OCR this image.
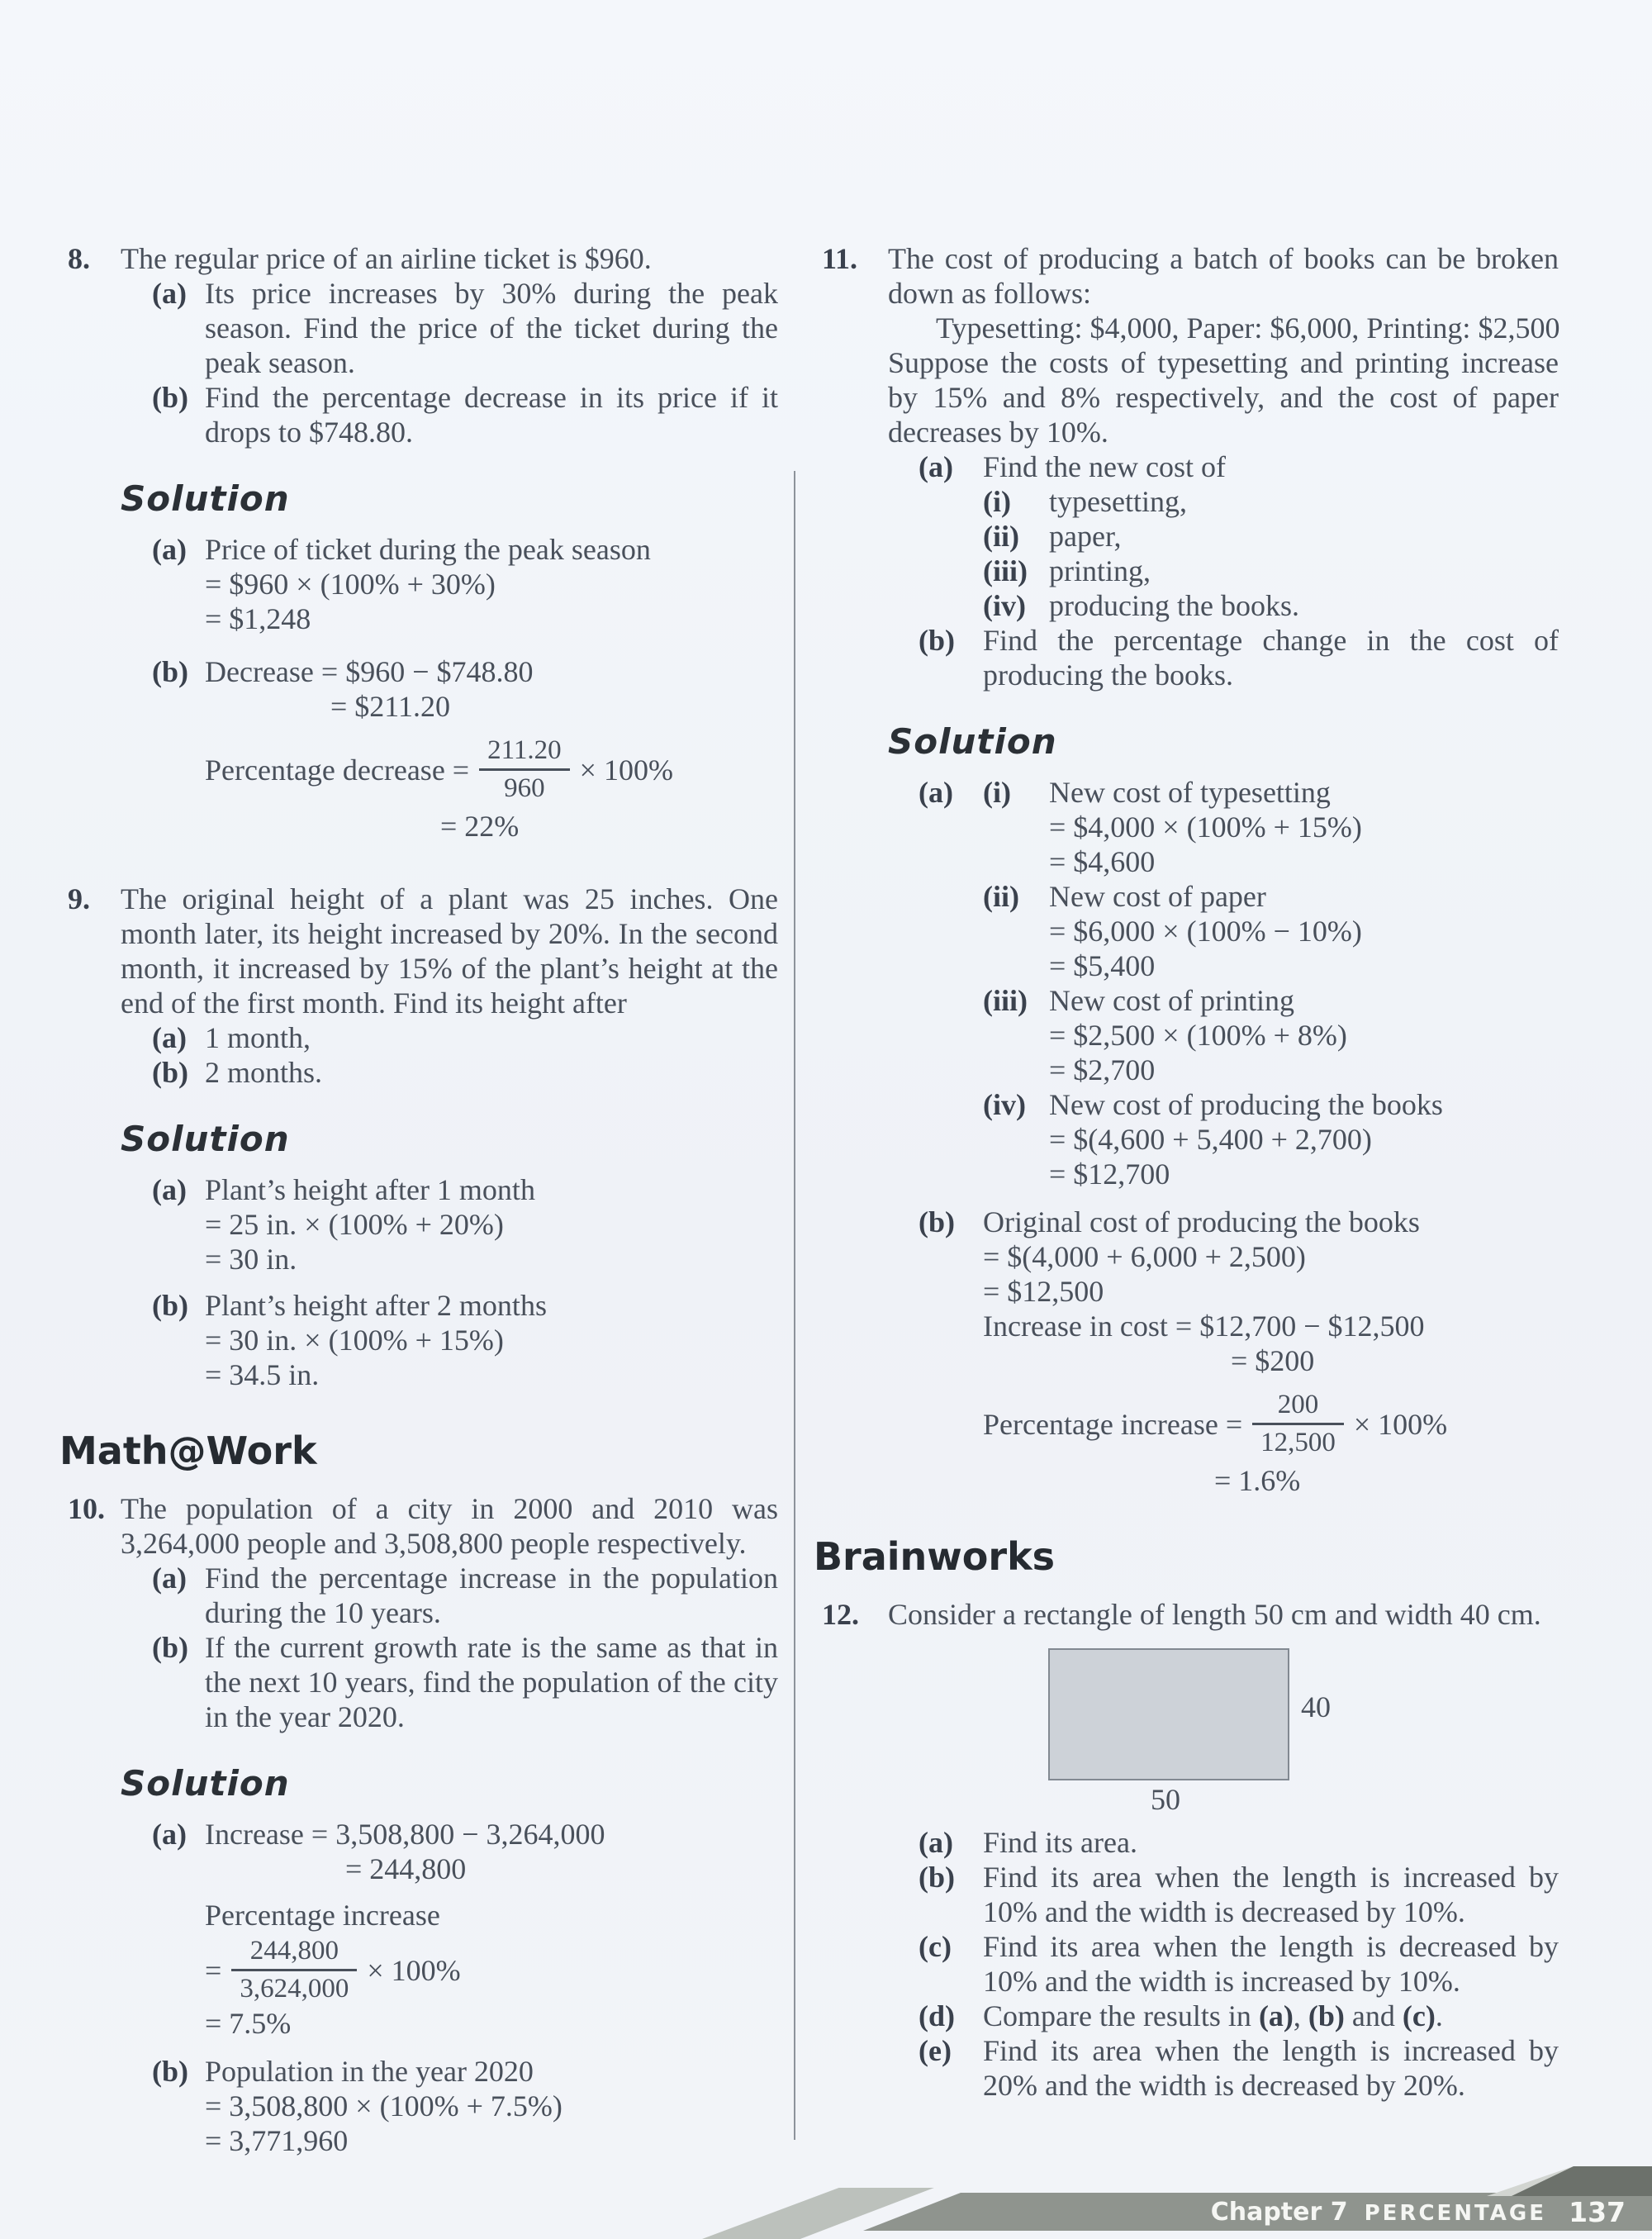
8.	The regular price of an airline ticket is $960.
(a) Its price increases by 30% during the peak season. Find the price of the ticket during the peak season.
(b) Find the percentage decrease in its price if it drops to $748.80.
Solution
(a) Price of ticket during the peak season
= $960 × (100% + 30%)
= $1,248
(b) Decrease = $960 − $748.80
= $211.20
Percentage decrease = $\frac{211.20}{960} \times 100\%$
= 22%
9.	The original height of a plant was 25 inches. One month later, its height increased by 20%. In the second month, it increased by 15% of the plant’s height at the end of the first month. Find its height after
(a) 1 month,
(b) 2 months.
Solution
(a) Plant’s height after 1 month
= 25 in. × (100% + 20%)
= 30 in.
(b) Plant’s height after 2 months
= 30 in. × (100% + 15%)
= 34.5 in.
Math@Work
10. The population of a city in 2000 and 2010 was 3,264,000 people and 3,508,800 people respectively.
(a) Find the percentage increase in the population during the 10 years.
(b) If the current growth rate is the same as that in the next 10 years, find the population of the city in the year 2020.
Solution
(a) Increase = 3,508,800 − 3,264,000
= 244,800
Percentage increase
= $\frac{244,800}{3,624,000} \times 100\%$
= 7.5%
(b) Population in the year 2020
= 3,508,800 × (100% + 7.5%)
= 3,771,960
11.	The cost of producing a batch of books can be broken down as follows:
Typesetting: $4,000, Paper: $6,000, Printing: $2,500
Suppose the costs of typesetting and printing increase by 15% and 8% respectively, and the cost of paper decreases by 10%.
(a)	Find the new cost of
(i)	typesetting,
(ii)	paper,
(iii) printing,
(iv) producing the books.
(b) Find the percentage change in the cost of producing the books.
Solution
(a)	(i)	New cost of typesetting
= $4,000 × (100% + 15%)
= $4,600
(ii)	New cost of paper
= $6,000 × (100% − 10%)
= $5,400
(iii) New cost of printing
= $2,500 × (100% + 8%)
= $2,700
(iv) New cost of producing the books
= $(4,600 + 5,400 + 2,700)
= $12,700
(b) Original cost of producing the books
= $(4,000 + 6,000 + 2,500)
= $12,500
Increase in cost = $12,700 − $12,500
= $200
Percentage increase = $\frac{200}{12,500} \times 100\%$
= 1.6%
Brainworks
12. Consider a rectangle of length 50 cm and width 40 cm.
50
40
(a)	Find its area.
(b) Find its area when the length is increased by 10% and the width is decreased by 10%.
(c)	Find its area when the length is decreased by 10% and the width is increased by 10%.
(d) Compare the results in (a), (b) and (c).
(e)	Find its area when the length is increased by 20% and the width is decreased by 20%.
Chapter 7 PERCENTAGE 137
